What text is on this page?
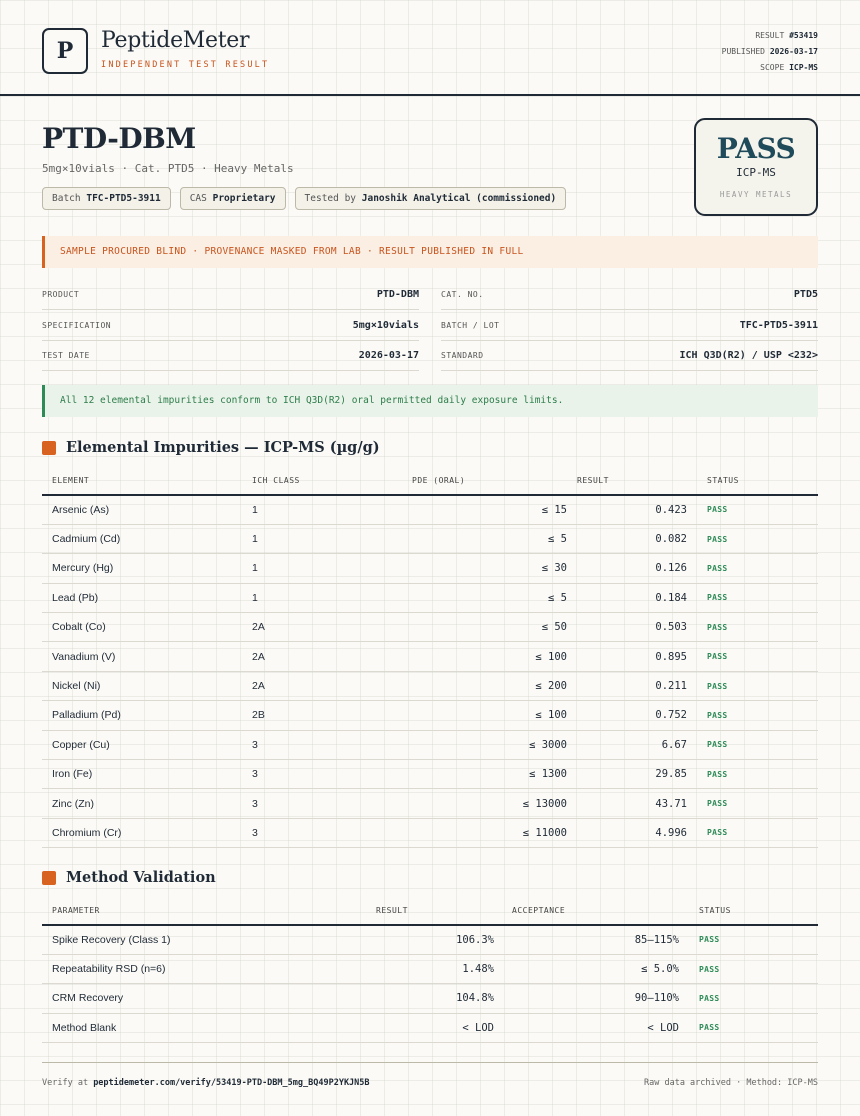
P	PeptideMeter
INDEPENDENT TEST RESULT
RESULT #53419
PUBLISHED 2026-03-17
SCOPE ICP-MS
PTD-DBM
5mg×10vials · Cat. PTD5 · Heavy Metals
Batch TFC-PTD5-3911	CAS Proprietary	Tested by Janoshik Analytical (commissioned)
PASS
ICP-MS
HEAVY METALS
SAMPLE PROCURED BLIND · PROVENANCE MASKED FROM LAB · RESULT PUBLISHED IN FULL
PRODUCT	PTD-DBM	CAT. NO.	PTD5
SPECIFICATION	5mg×10vials	BATCH / LOT	TFC-PTD5-3911
TEST DATE	2026-03-17	STANDARD	ICH Q3D(R2) / USP <232>
All 12 elemental impurities conform to ICH Q3D(R2) oral permitted daily exposure limits.
Elemental Impurities — ICP-MS (µg/g)
ELEMENT	ICH CLASS	PDE (ORAL)	RESULT	STATUS
Arsenic (As)	1	≤ 15	0.423	PASS
Cadmium (Cd)	1	≤ 5	0.082	PASS
Mercury (Hg)	1	≤ 30	0.126	PASS
Lead (Pb)	1	≤ 5	0.184	PASS
Cobalt (Co)	2A	≤ 50	0.503	PASS
Vanadium (V)	2A	≤ 100	0.895	PASS
Nickel (Ni)	2A	≤ 200	0.211	PASS
Palladium (Pd)	2B	≤ 100	0.752	PASS
Copper (Cu)	3	≤ 3000	6.67	PASS
Iron (Fe)	3	≤ 1300	29.85	PASS
Zinc (Zn)	3	≤ 13000	43.71	PASS
Chromium (Cr)	3	≤ 11000	4.996	PASS
Method Validation
PARAMETER	RESULT	ACCEPTANCE	STATUS
Spike Recovery (Class 1)	106.3%	85–115%	PASS
Repeatability RSD (n=6)	1.48%	≤ 5.0%	PASS
CRM Recovery	104.8%	90–110%	PASS
Method Blank	< LOD	< LOD	PASS
Verify at peptidemeter.com/verify/53419-PTD-DBM_5mg_BQ49P2YKJN5B	Raw data archived · Method: ICP-MS
